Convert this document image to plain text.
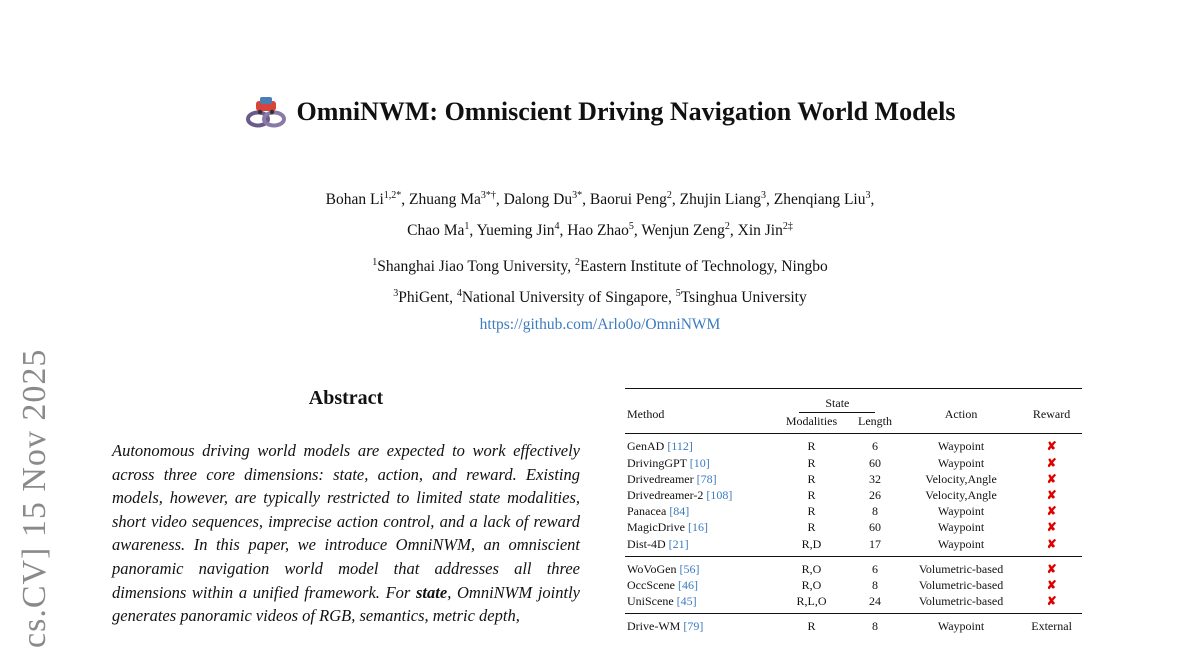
cs.CV] 15 Nov 2025
OmniNWM: Omniscient Driving Navigation World Models
Bohan $Li^{1,2*}$, Zhuang $Ma^{3*\dagger}$, Dalong $Du^{3*}$, Baorui Peng$^2$, Zhujin Liang$^3$, Zhenqiang Liu$^3$,
Chao Ma$^1$, Yueming Jin$^4$, Hao Zhao$^5$, Wenjun Zeng$^2$, Xin Jin$^{2\ddagger}$
$^1$Shanghai Jiao Tong University, $^2$Eastern Institute of Technology, Ningbo
$^3$PhiGent, $^4$National University of Singapore, $^5$Tsinghua University
https://github.com/Arlo0o/OmniNWM
Abstract
Autonomous driving world models are expected to work effectively across three core dimensions: state, action, and reward. Existing models, however, are typically restricted to limited state modalities, short video sequences, imprecise action control, and a lack of reward awareness. In this paper, we introduce OmniNWM, an omniscient panoramic navigation world model that addresses all three dimensions within a unified framework. For state, OmniNWM jointly generates panoramic videos of RGB, semantics, metric depth,
Method	State		Action	Reward
	Modalities	Length		
GenAD [112]	R	6	Waypoint	✘
DrivingGPT [10]	R	60	Waypoint	✘
Drivedreamer [78]	R	32	Velocity,Angle	✘
Drivedreamer-2 [108]	R	26	Velocity,Angle	✘
Panacea [84]	R	8	Waypoint	✘
MagicDrive [16]	R	60	Waypoint	✘
Dist-4D [21]	R,D	17	Waypoint	✘
WoVoGen [56]	R,O	6	Volumetric-based	✘
OccScene [46]	R,O	8	Volumetric-based	✘
UniScene [45]	R,L,O	24	Volumetric-based	✘
Drive-WM [79]	R	8	Waypoint	External
